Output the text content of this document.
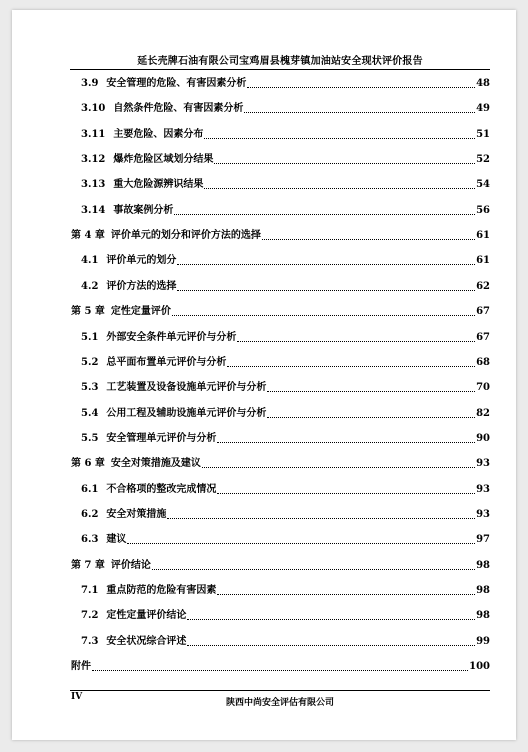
延长壳牌石油有限公司宝鸡眉县槐芽镇加油站安全现状评价报告
3.9 安全管理的危险、有害因素分析	48
3.10 自然条件危险、有害因素分析	49
3.11 主要危险、因素分布	51
3.12 爆炸危险区域划分结果	52
3.13 重大危险源辨识结果	54
3.14 事故案例分析	56
第 4 章 评价单元的划分和评价方法的选择	61
4.1 评价单元的划分	61
4.2 评价方法的选择	62
第 5 章 定性定量评价	67
5.1 外部安全条件单元评价与分析	67
5.2 总平面布置单元评价与分析	68
5.3 工艺装置及设备设施单元评价与分析	70
5.4 公用工程及辅助设施单元评价与分析	82
5.5 安全管理单元评价与分析	90
第 6 章 安全对策措施及建议	93
6.1 不合格项的整改完成情况	93
6.2 安全对策措施	93
6.3 建议	97
第 7 章 评价结论	98
7.1 重点防范的危险有害因素	98
7.2 定性定量评价结论	98
7.3 安全状况综合评述	99
附件	100
IV
陕西中尚安全评估有限公司
